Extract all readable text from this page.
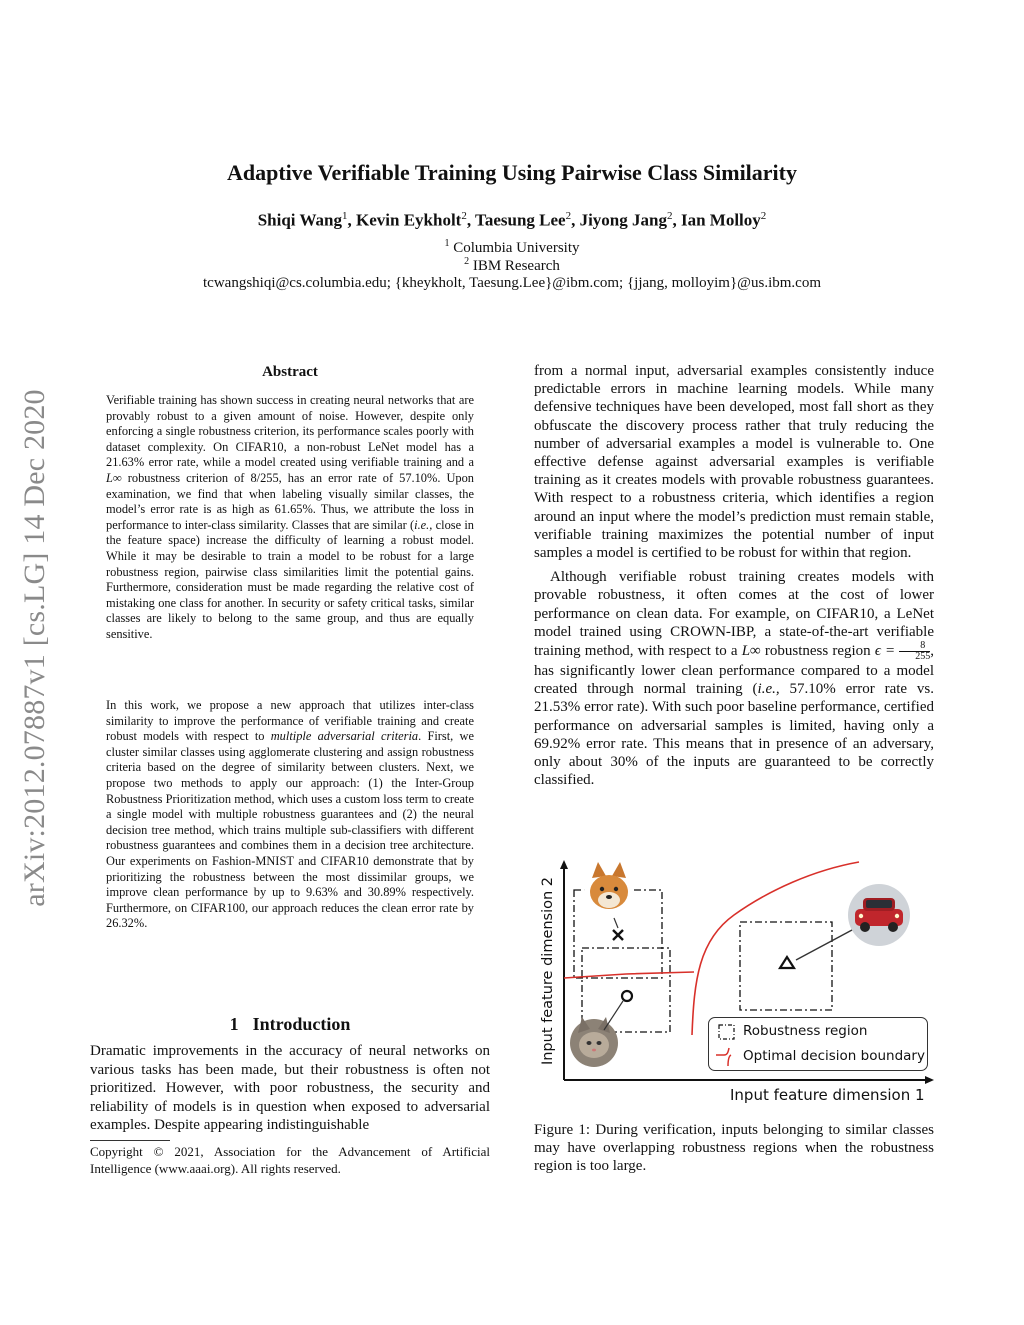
arXiv:2012.07887v1 [cs.LG] 14 Dec 2020
Adaptive Verifiable Training Using Pairwise Class Similarity
Shiqi Wang$^1$, Kevin Eykholt$^2$, Taesung Lee$^2$, Jiyong Jang$^2$, Ian Molloy$^2$
$^1$ Columbia University
$^2$ IBM Research
tcwangshiqi@cs.columbia.edu; {kheykholt, Taesung.Lee}@ibm.com; {jjang, molloyim}@us.ibm.com
Abstract
Verifiable training has shown success in creating neural networks that are provably robust to a given amount of noise. However, despite only enforcing a single robustness criterion, its performance scales poorly with dataset complexity. On CIFAR10, a non-robust LeNet model has a 21.63% error rate, while a model created using verifiable training and a L∞ robustness criterion of 8/255, has an error rate of 57.10%. Upon examination, we find that when labeling visually similar classes, the model’s error rate is as high as 61.65%. Thus, we attribute the loss in performance to inter-class similarity. Classes that are similar (i.e., close in the feature space) increase the difficulty of learning a robust model. While it may be desirable to train a model to be robust for a large robustness region, pairwise class similarities limit the potential gains. Furthermore, consideration must be made regarding the relative cost of mistaking one class for another. In security or safety critical tasks, similar classes are likely to belong to the same group, and thus are equally sensitive.
In this work, we propose a new approach that utilizes inter-class similarity to improve the performance of verifiable training and create robust models with respect to multiple adversarial criteria. First, we cluster similar classes using agglomerate clustering and assign robustness criteria based on the degree of similarity between clusters. Next, we propose two methods to apply our approach: (1) the Inter-Group Robustness Prioritization method, which uses a custom loss term to create a single model with multiple robustness guarantees and (2) the neural decision tree method, which trains multiple sub-classifiers with different robustness guarantees and combines them in a decision tree architecture. Our experiments on Fashion-MNIST and CIFAR10 demonstrate that by prioritizing the robustness between the most dissimilar groups, we improve clean performance by up to 9.63% and 30.89% respectively. Furthermore, on CIFAR100, our approach reduces the clean error rate by 26.32%.
1 Introduction
Dramatic improvements in the accuracy of neural networks on various tasks has been made, but their robustness is often not prioritized. However, with poor robustness, the security and reliability of models is in question when exposed to adversarial examples. Despite appearing indistinguishable
Copyright © 2021, Association for the Advancement of Artificial Intelligence (www.aaai.org). All rights reserved.

from a normal input, adversarial examples consistently induce predictable errors in machine learning models. While many defensive techniques have been developed, most fall short as they obfuscate the discovery process rather that truly reducing the number of adversarial examples a model is vulnerable to. One effective defense against adversarial examples is verifiable training as it creates models with provable robustness guarantees. With respect to a robustness criteria, which identifies a region around an input where the model’s prediction must remain stable, verifiable training maximizes the potential number of input samples a model is certified to be robust for within that region.

Although verifiable robust training creates models with provable robustness, it often comes at the cost of lower performance on clean data. For example, on CIFAR10, a LeNet model trained using CROWN-IBP, a state-of-the-art verifiable training method, with respect to a L∞ robustness region $\epsilon = \frac{8}{255}$ , has significantly lower clean performance compared to a model created through normal training (i.e., 57.10% error rate vs. 21.53% error rate). With such poor baseline performance, certified performance on adversarial samples is limited, having only a 69.92% error rate. This means that in presence of an adversary, only about 30% of the inputs are guaranteed to be correctly classified.

Input feature dimension 2
Input feature dimension 1
Robustness region
Optimal decision boundary
Figure 1: During verification, inputs belonging to similar classes may have overlapping robustness regions when the robustness region is too large.
